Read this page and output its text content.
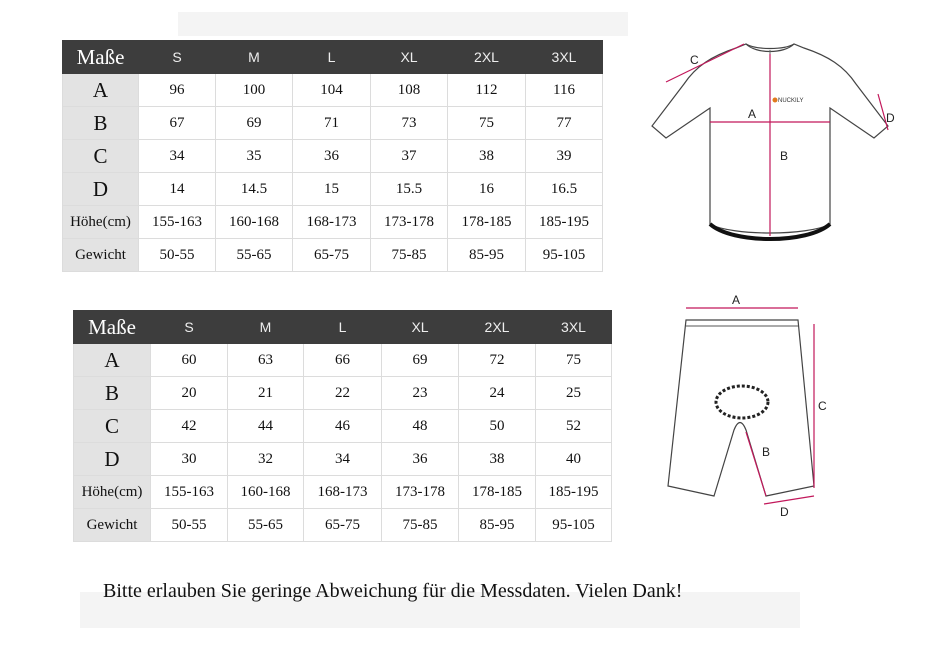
Maße	S	M	L	XL	2XL	3XL
A	96	100	104	108	112	116
B	67	69	71	73	75	77
C	34	35	36	37	38	39
D	14	14.5	15	15.5	16	16.5
Höhe(cm)	155-163	160-168	168-173	173-178	178-185	185-195
Gewicht	50-55	55-65	65-75	75-85	85-95	95-105
Maße	S	M	L	XL	2XL	3XL
A	60	63	66	69	72	75
B	20	21	22	23	24	25
C	42	44	46	48	50	52
D	30	32	34	36	38	40
Höhe(cm)	155-163	160-168	168-173	173-178	178-185	185-195
Gewicht	50-55	55-65	65-75	75-85	85-95	95-105
NUCKILY
C
A
B
D
A
C
B
D
Bitte erlauben Sie geringe Abweichung für die Messdaten. Vielen Dank!
